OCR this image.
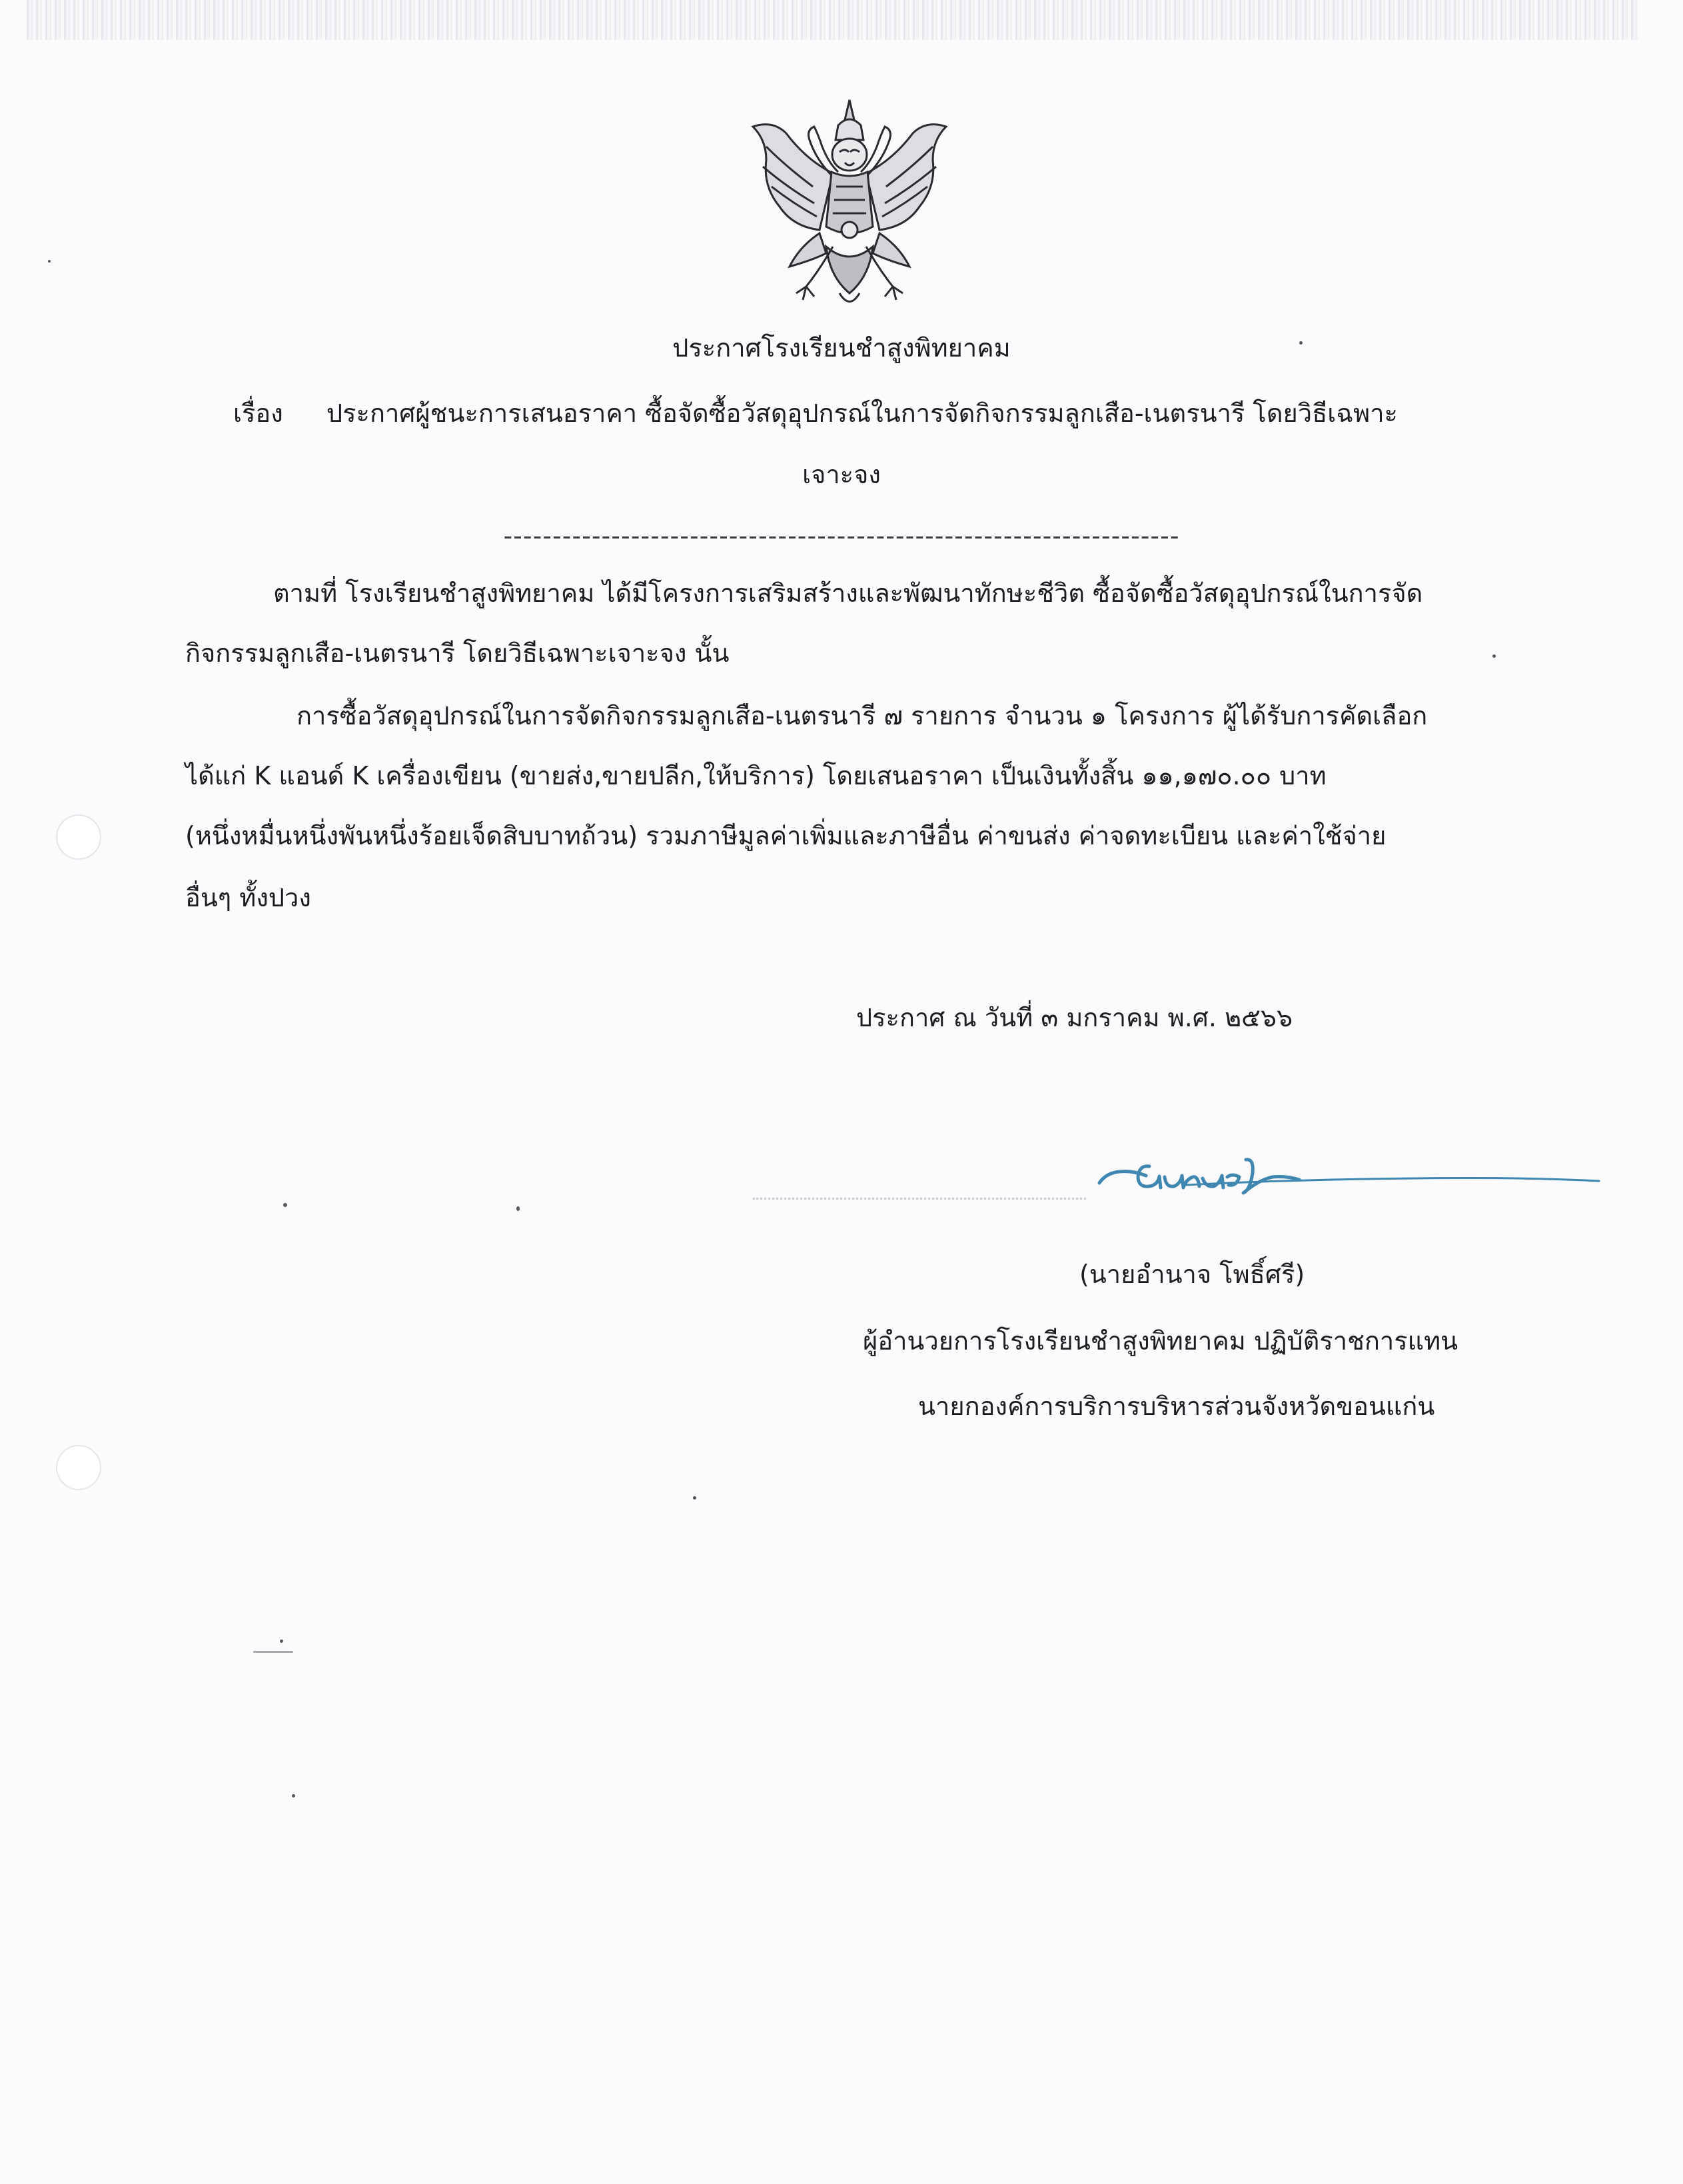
ประกาศโรงเรียนชำสูงพิทยาคม
เรื่อง ประกาศผู้ชนะการเสนอราคา ซื้อจัดซื้อวัสดุอุปกรณ์ในการจัดกิจกรรมลูกเสือ-เนตรนารี โดยวิธีเฉพาะ
เจาะจง
---------------------------------------------------------------------
ตามที่ โรงเรียนชำสูงพิทยาคม ได้มีโครงการเสริมสร้างและพัฒนาทักษะชีวิต ซื้อจัดซื้อวัสดุอุปกรณ์ในการจัด
กิจกรรมลูกเสือ-เนตรนารี โดยวิธีเฉพาะเจาะจง นั้น
การซื้อวัสดุอุปกรณ์ในการจัดกิจกรรมลูกเสือ-เนตรนารี ๗ รายการ จำนวน ๑ โครงการ ผู้ได้รับการคัดเลือก
ได้แก่ K แอนด์ K เครื่องเขียน (ขายส่ง,ขายปลีก,ให้บริการ) โดยเสนอราคา เป็นเงินทั้งสิ้น ๑๑,๑๗๐.๐๐ บาท
(หนึ่งหมื่นหนึ่งพันหนึ่งร้อยเจ็ดสิบบาทถ้วน) รวมภาษีมูลค่าเพิ่มและภาษีอื่น ค่าขนส่ง ค่าจดทะเบียน และค่าใช้จ่าย
อื่นๆ ทั้งปวง
ประกาศ ณ วันที่ ๓ มกราคม พ.ศ. ๒๕๖๖
(นายอำนาจ โพธิ์ศรี)
ผู้อำนวยการโรงเรียนชำสูงพิทยาคม ปฏิบัติราชการแทน
นายกองค์การบริการบริหารส่วนจังหวัดขอนแก่น
